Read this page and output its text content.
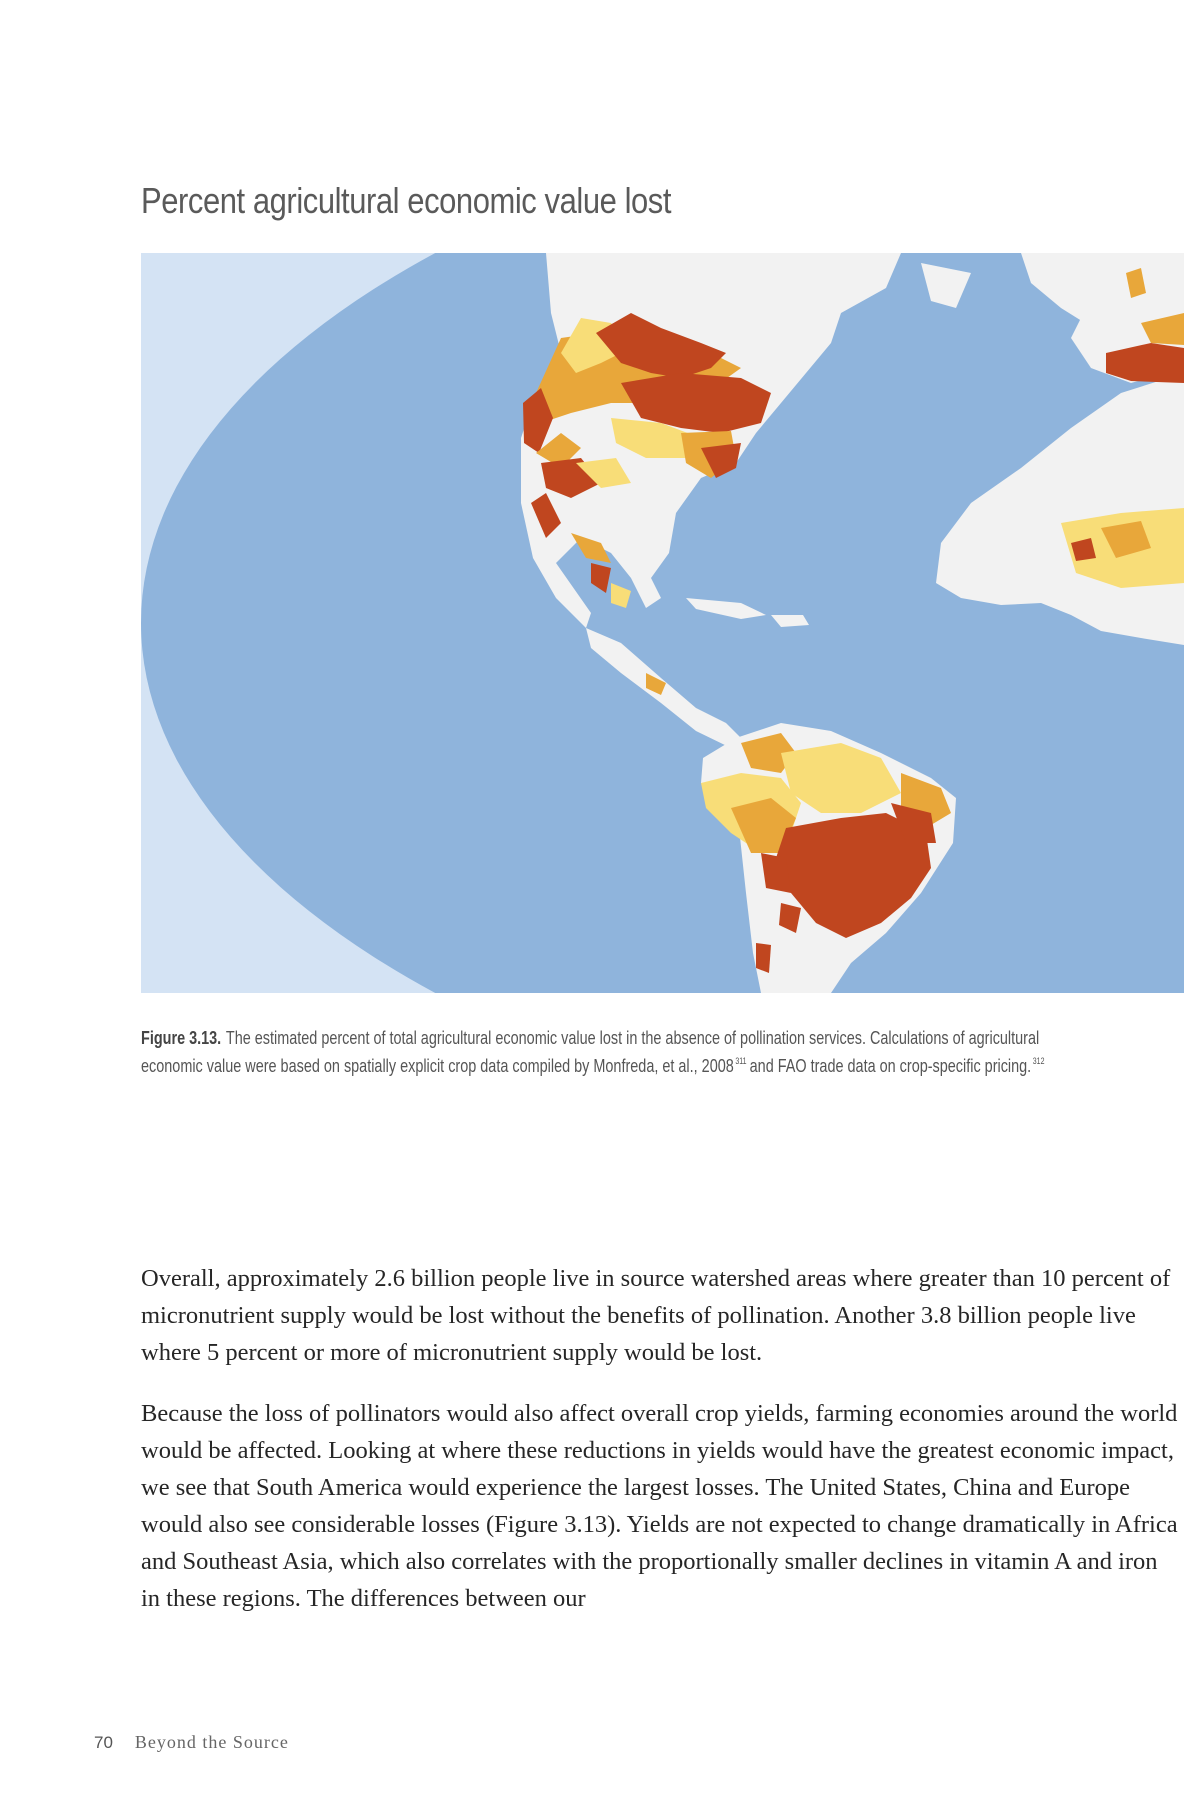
Percent agricultural economic value lost

Figure 3.13. The estimated percent of total agricultural economic value lost in the absence of pollination services. Calculations of agricultural economic value were based on spatially explicit crop data compiled by Monfreda, et al., 2008 $^{311}$ and FAO trade data on crop-specific pricing. $^{312}$

Overall, approximately 2.6 billion people live in source watershed areas where greater than 10 percent of micronutrient supply would be lost without the benefits of pollination. Another 3.8 billion people live where 5 percent or more of micronutrient supply would be lost.

Because the loss of pollinators would also affect overall crop yields, farming economies around the world would be affected. Looking at where these reductions in yields would have the greatest economic impact, we see that South America would experience the largest losses. The United States, China and Europe would also see considerable losses (Figure 3.13). Yields are not expected to change dramatically in Africa and Southeast Asia, which also correlates with the proportionally smaller declines in vitamin A and iron in these regions. The differences between our

70 Beyond the Source
